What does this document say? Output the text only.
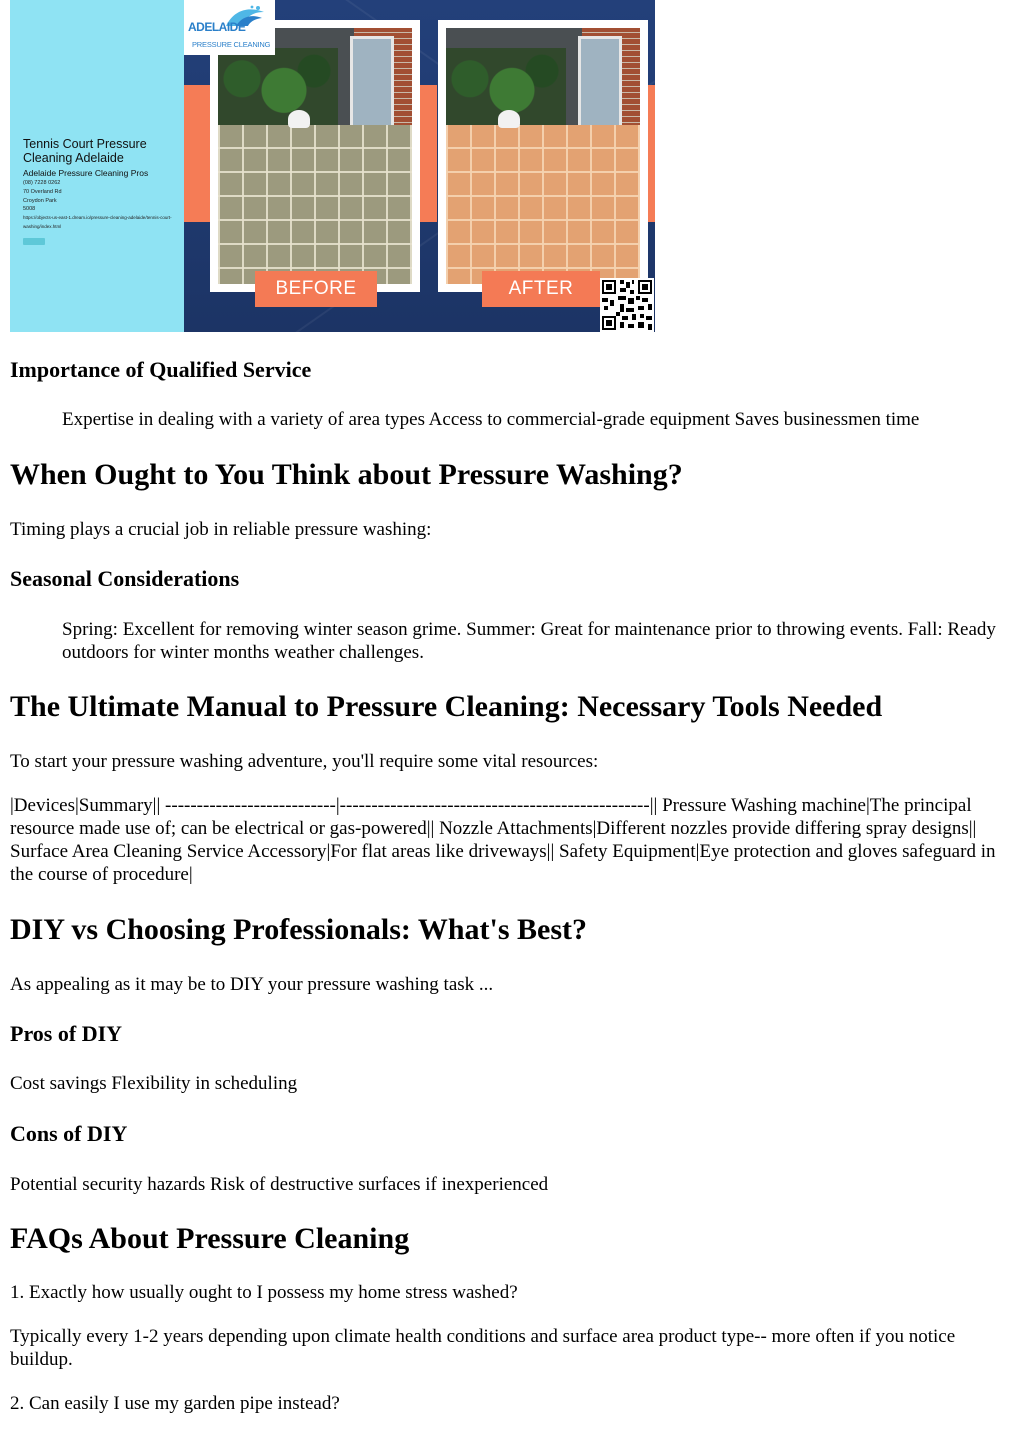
Tennis Court Pressure Cleaning Adelaide
Adelaide Pressure Cleaning Pros
(08) 7228 0262
70 Overland Rd
Croydon Park
5008
https://objects-us-east-1.dream.io/pressure-cleaning-adelaide/tennis-court-washing/index.html
BEFORE	AFTER
ADELAIDE
PRESSURE CLEANING
Importance of Qualified Service

Expertise in dealing with a variety of area types Access to commercial-grade equipment Saves businessmen time

When Ought to You Think about Pressure Washing?

Timing plays a crucial job in reliable pressure washing:

Seasonal Considerations

Spring: Excellent for removing winter season grime. Summer: Great for maintenance prior to throwing events. Fall: Ready outdoors for winter months weather challenges.

The Ultimate Manual to Pressure Cleaning: Necessary Tools Needed

To start your pressure washing adventure, you'll require some vital resources:

|Devices|Summary|| ---------------------------|-------------------------------------------------|| Pressure Washing machine|The principal resource made use of; can be electrical or gas-powered|| Nozzle Attachments|Different nozzles provide differing spray designs|| Surface Area Cleaning Service Accessory|For flat areas like driveways|| Safety Equipment|Eye protection and gloves safeguard in the course of procedure|

DIY vs Choosing Professionals: What's Best?

As appealing as it may be to DIY your pressure washing task ...

Pros of DIY

Cost savings Flexibility in scheduling

Cons of DIY

Potential security hazards Risk of destructive surfaces if inexperienced

FAQs About Pressure Cleaning

1. Exactly how usually ought to I possess my home stress washed?

Typically every 1-2 years depending upon climate health conditions and surface area product type-- more often if you notice buildup.

2. Can easily I use my garden pipe instead?
